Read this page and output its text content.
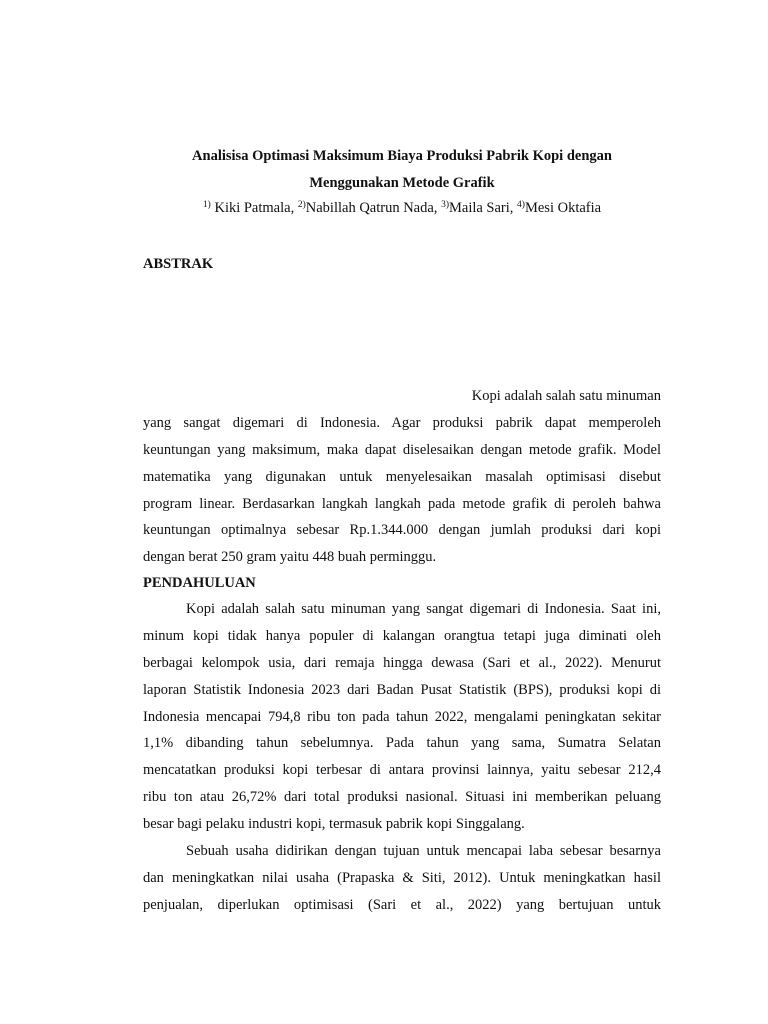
Analisisa Optimasi Maksimum Biaya Produksi Pabrik Kopi dengan
Menggunakan Metode Grafik
$^{1)}$ Kiki Patmala, $^{2)}$Nabillah Qatrun Nada, $^{3)}$Maila Sari, $^{4)}$Mesi Oktafia
ABSTRAK
Kopi adalah salah satu minuman
yang sangat digemari di Indonesia. Agar produksi pabrik dapat memperoleh
keuntungan yang maksimum, maka dapat diselesaikan dengan metode grafik. Model
matematika yang digunakan untuk menyelesaikan masalah optimisasi disebut
program linear. Berdasarkan langkah langkah pada metode grafik di peroleh bahwa
keuntungan optimalnya sebesar Rp.1.344.000 dengan jumlah produksi dari kopi
dengan berat 250 gram yaitu 448 buah perminggu.
PENDAHULUAN
Kopi adalah salah satu minuman yang sangat digemari di Indonesia. Saat ini,
minum kopi tidak hanya populer di kalangan orangtua tetapi juga diminati oleh
berbagai kelompok usia, dari remaja hingga dewasa (Sari et al., 2022). Menurut
laporan Statistik Indonesia 2023 dari Badan Pusat Statistik (BPS), produksi kopi di
Indonesia mencapai 794,8 ribu ton pada tahun 2022, mengalami peningkatan sekitar
1,1% dibanding tahun sebelumnya. Pada tahun yang sama, Sumatra Selatan
mencatatkan produksi kopi terbesar di antara provinsi lainnya, yaitu sebesar 212,4
ribu ton atau 26,72% dari total produksi nasional. Situasi ini memberikan peluang
besar bagi pelaku industri kopi, termasuk pabrik kopi Singgalang.
Sebuah usaha didirikan dengan tujuan untuk mencapai laba sebesar besarnya
dan meningkatkan nilai usaha (Prapaska & Siti, 2012). Untuk meningkatkan hasil
penjualan, diperlukan optimisasi (Sari et al., 2022) yang bertujuan untuk
